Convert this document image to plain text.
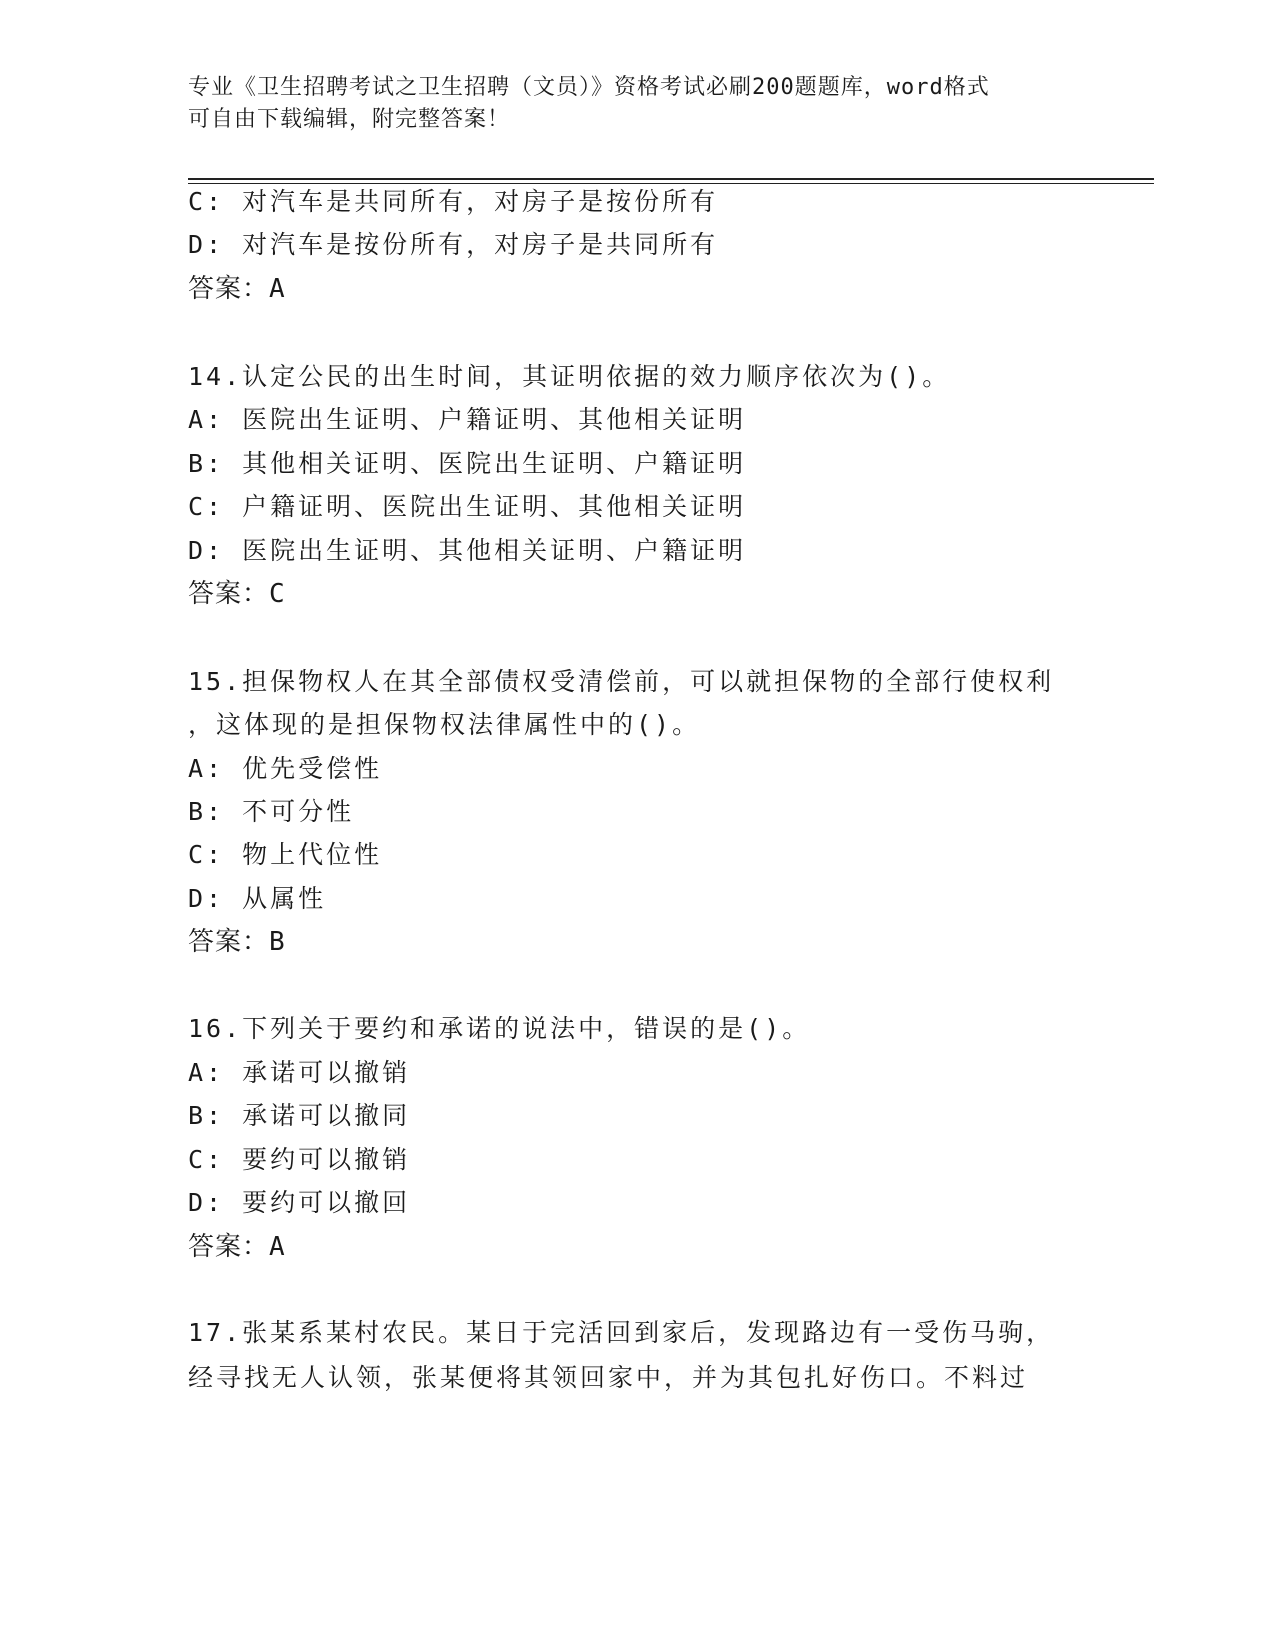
专业《卫生招聘考试之卫生招聘（文员）》资格考试必刷200题题库，word格式
可自由下载编辑，附完整答案！
C: 对汽车是共同所有，对房子是按份所有
D: 对汽车是按份所有，对房子是共同所有
答案：A
14.认定公民的出生时间，其证明依据的效力顺序依次为()。
A: 医院出生证明、户籍证明、其他相关证明
B: 其他相关证明、医院出生证明、户籍证明
C: 户籍证明、医院出生证明、其他相关证明
D: 医院出生证明、其他相关证明、户籍证明
答案：C
15.担保物权人在其全部债权受清偿前，可以就担保物的全部行使权利
，这体现的是担保物权法律属性中的()。
A: 优先受偿性
B: 不可分性
C: 物上代位性
D: 从属性
答案：B
16.下列关于要约和承诺的说法中，错误的是()。
A: 承诺可以撤销
B: 承诺可以撤同
C: 要约可以撤销
D: 要约可以撤回
答案：A
17.张某系某村农民。某日于完活回到家后，发现路边有一受伤马驹，
经寻找无人认领，张某便将其领回家中，并为其包扎好伤口。不料过
